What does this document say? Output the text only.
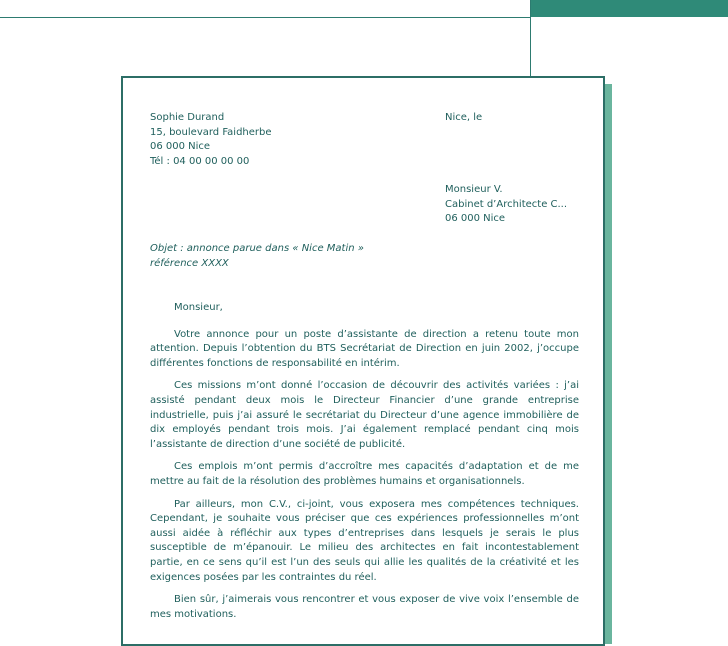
Sophie Durand
15, boulevard Faidherbe
06 000 Nice
Tél : 04 00 00 00 00
Nice, le
Monsieur V.
Cabinet d’Architecte C...
06 000 Nice
Objet : annonce parue dans « Nice Matin »
référence XXXX

Monsieur,

Votre annonce pour un poste d’assistante de direction a retenu toute mon attention. Depuis l’obtention du BTS Secrétariat de Direction en juin 2002, j’occupe différentes fonctions de responsabilité en intérim.

Ces missions m’ont donné l’occasion de découvrir des activités variées : j’ai assisté pendant deux mois le Directeur Financier d’une grande entreprise industrielle, puis j’ai assuré le secrétariat du Directeur d’une agence immobilière de dix employés pendant trois mois. J’ai également remplacé pendant cinq mois l’assistante de direction d’une société de publicité.

Ces emplois m’ont permis d’accroître mes capacités d’adaptation et de me mettre au fait de la résolution des problèmes humains et organisationnels.

Par ailleurs, mon C.V., ci-joint, vous exposera mes compétences techniques. Cependant, je souhaite vous préciser que ces expériences professionnelles m’ont aussi aidée à réfléchir aux types d’entreprises dans lesquels je serais le plus susceptible de m’épanouir. Le milieu des architectes en fait incontestablement partie, en ce sens qu’il est l’un des seuls qui allie les qualités de la créativité et les exigences posées par les contraintes du réel.

Bien sûr, j’aimerais vous rencontrer et vous exposer de vive voix l’ensemble de mes motivations.
